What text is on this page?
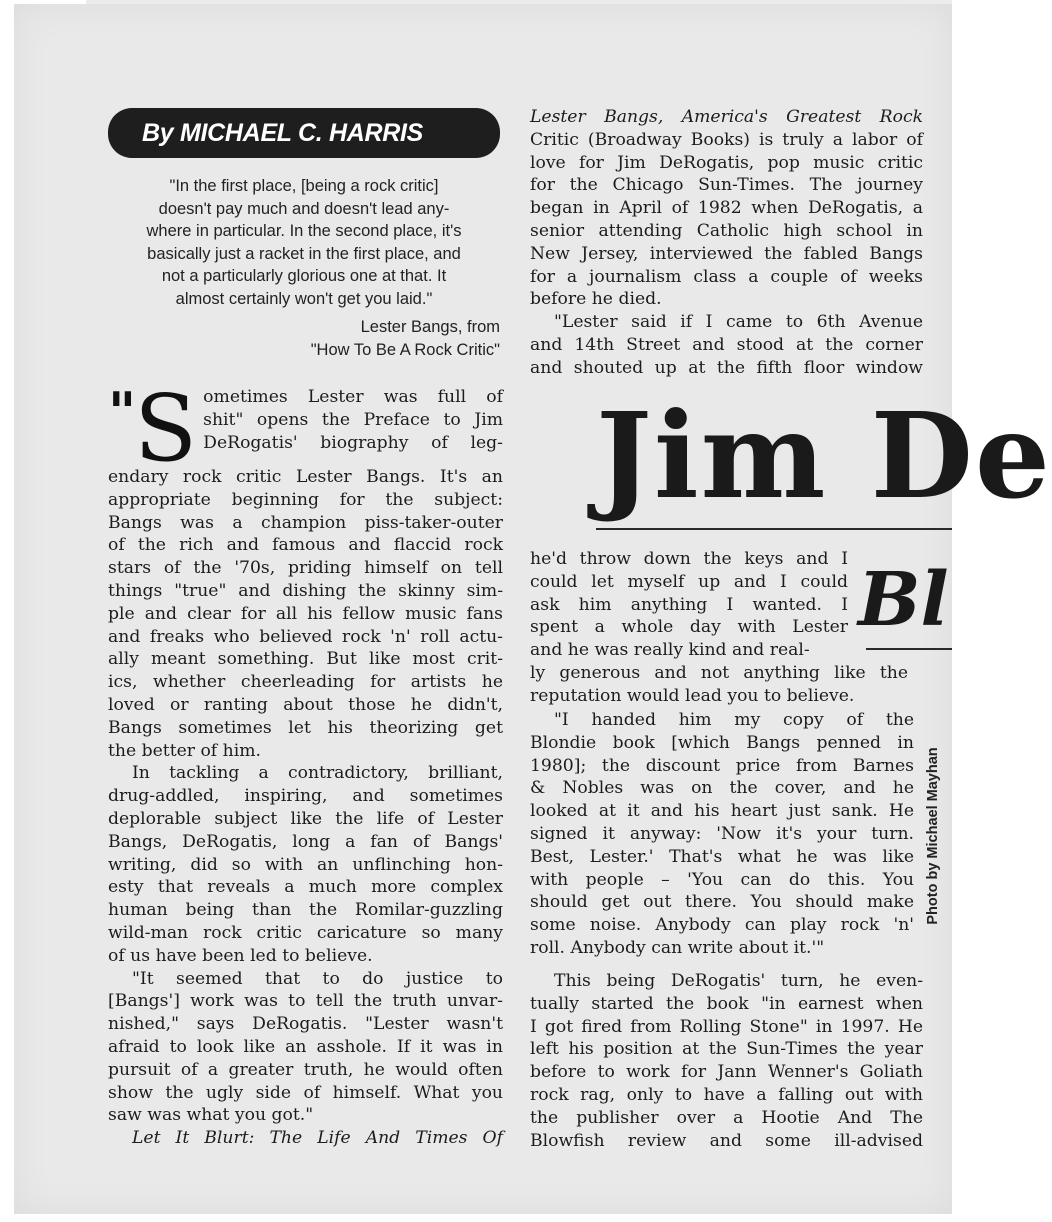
By MICHAEL C. HARRIS
"In the first place, [being a rock critic]
doesn't pay much and doesn't lead any-
where in particular. In the second place, it's
basically just a racket in the first place, and
not a particularly glorious one at that. It
almost certainly won't get you laid."
Lester Bangs, from
"How To Be A Rock Critic"
"
S ometimes Lester was full of
shit" opens the Preface to Jim
DeRogatis' biography of leg-
endary rock critic Lester Bangs. It's an
appropriate beginning for the subject:
Bangs was a champion piss-taker-outer
of the rich and famous and flaccid rock
stars of the '70s, priding himself on tell
things "true" and dishing the skinny sim-
ple and clear for all his fellow music fans
and freaks who believed rock 'n' roll actu-
ally meant something. But like most crit-
ics, whether cheerleading for artists he
loved or ranting about those he didn't,
Bangs sometimes let his theorizing get
the better of him.
In tackling a contradictory, brilliant,
drug-addled, inspiring, and sometimes
deplorable subject like the life of Lester
Bangs, DeRogatis, long a fan of Bangs'
writing, did so with an unflinching hon-
esty that reveals a much more complex
human being than the Romilar-guzzling
wild-man rock critic caricature so many
of us have been led to believe.
"It seemed that to do justice to
[Bangs'] work was to tell the truth unvar-
nished," says DeRogatis. "Lester wasn't
afraid to look like an asshole. If it was in
pursuit of a greater truth, he would often
show the ugly side of himself. What you
saw was what you got."
Let It Blurt: The Life And Times Of
Lester Bangs, America's Greatest Rock
Critic (Broadway Books) is truly a labor of
love for Jim DeRogatis, pop music critic
for the Chicago Sun-Times. The journey
began in April of 1982 when DeRogatis, a
senior attending Catholic high school in
New Jersey, interviewed the fabled Bangs
for a journalism class a couple of weeks
before he died.
"Lester said if I came to 6th Avenue
and 14th Street and stood at the corner
and shouted up at the fifth floor window
Jim De
he'd throw down the keys and I
could let myself up and I could
ask him anything I wanted. I
spent a whole day with Lester
and he was really kind and real-
ly generous and not anything like the
reputation would lead you to believe.
Bl
"I handed him my copy of the
Blondie book [which Bangs penned in
1980]; the discount price from Barnes
& Nobles was on the cover, and he
looked at it and his heart just sank. He
signed it anyway: 'Now it's your turn.
Best, Lester.' That's what he was like
with people – 'You can do this. You
should get out there. You should make
some noise. Anybody can play rock 'n'
roll. Anybody can write about it.'"
This being DeRogatis' turn, he even-
tually started the book "in earnest when
I got fired from Rolling Stone" in 1997. He
left his position at the Sun-Times the year
before to work for Jann Wenner's Goliath
rock rag, only to have a falling out with
the publisher over a Hootie And The
Blowfish review and some ill-advised
Photo by Michael Mayhan
